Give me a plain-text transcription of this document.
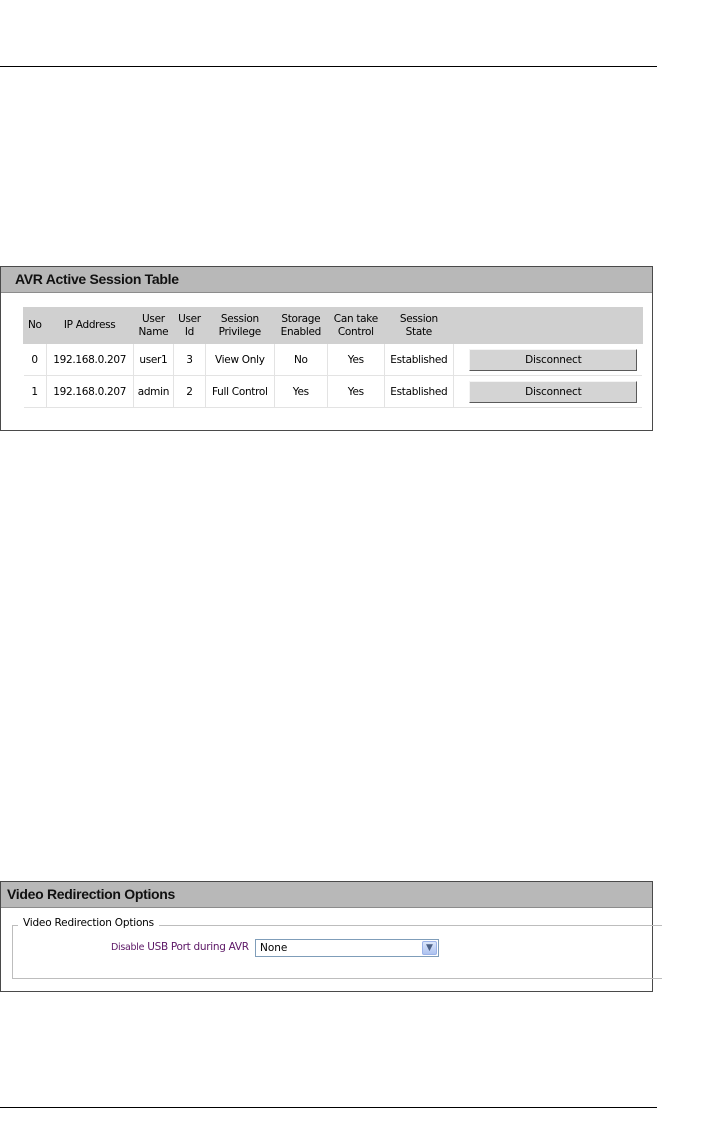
AVR Active Session Table
No	IP Address	User Name	User Id	Session Privilege	Storage Enabled	Can take Control	Session State	
0	192.168.0.207	user1	3	View Only	No	Yes	Established	Disconnect
1	192.168.0.207	admin	2	Full Control	Yes	Yes	Established	Disconnect
Video Redirection Options
Video Redirection Options
Disable USB Port during AVR	None	▼
